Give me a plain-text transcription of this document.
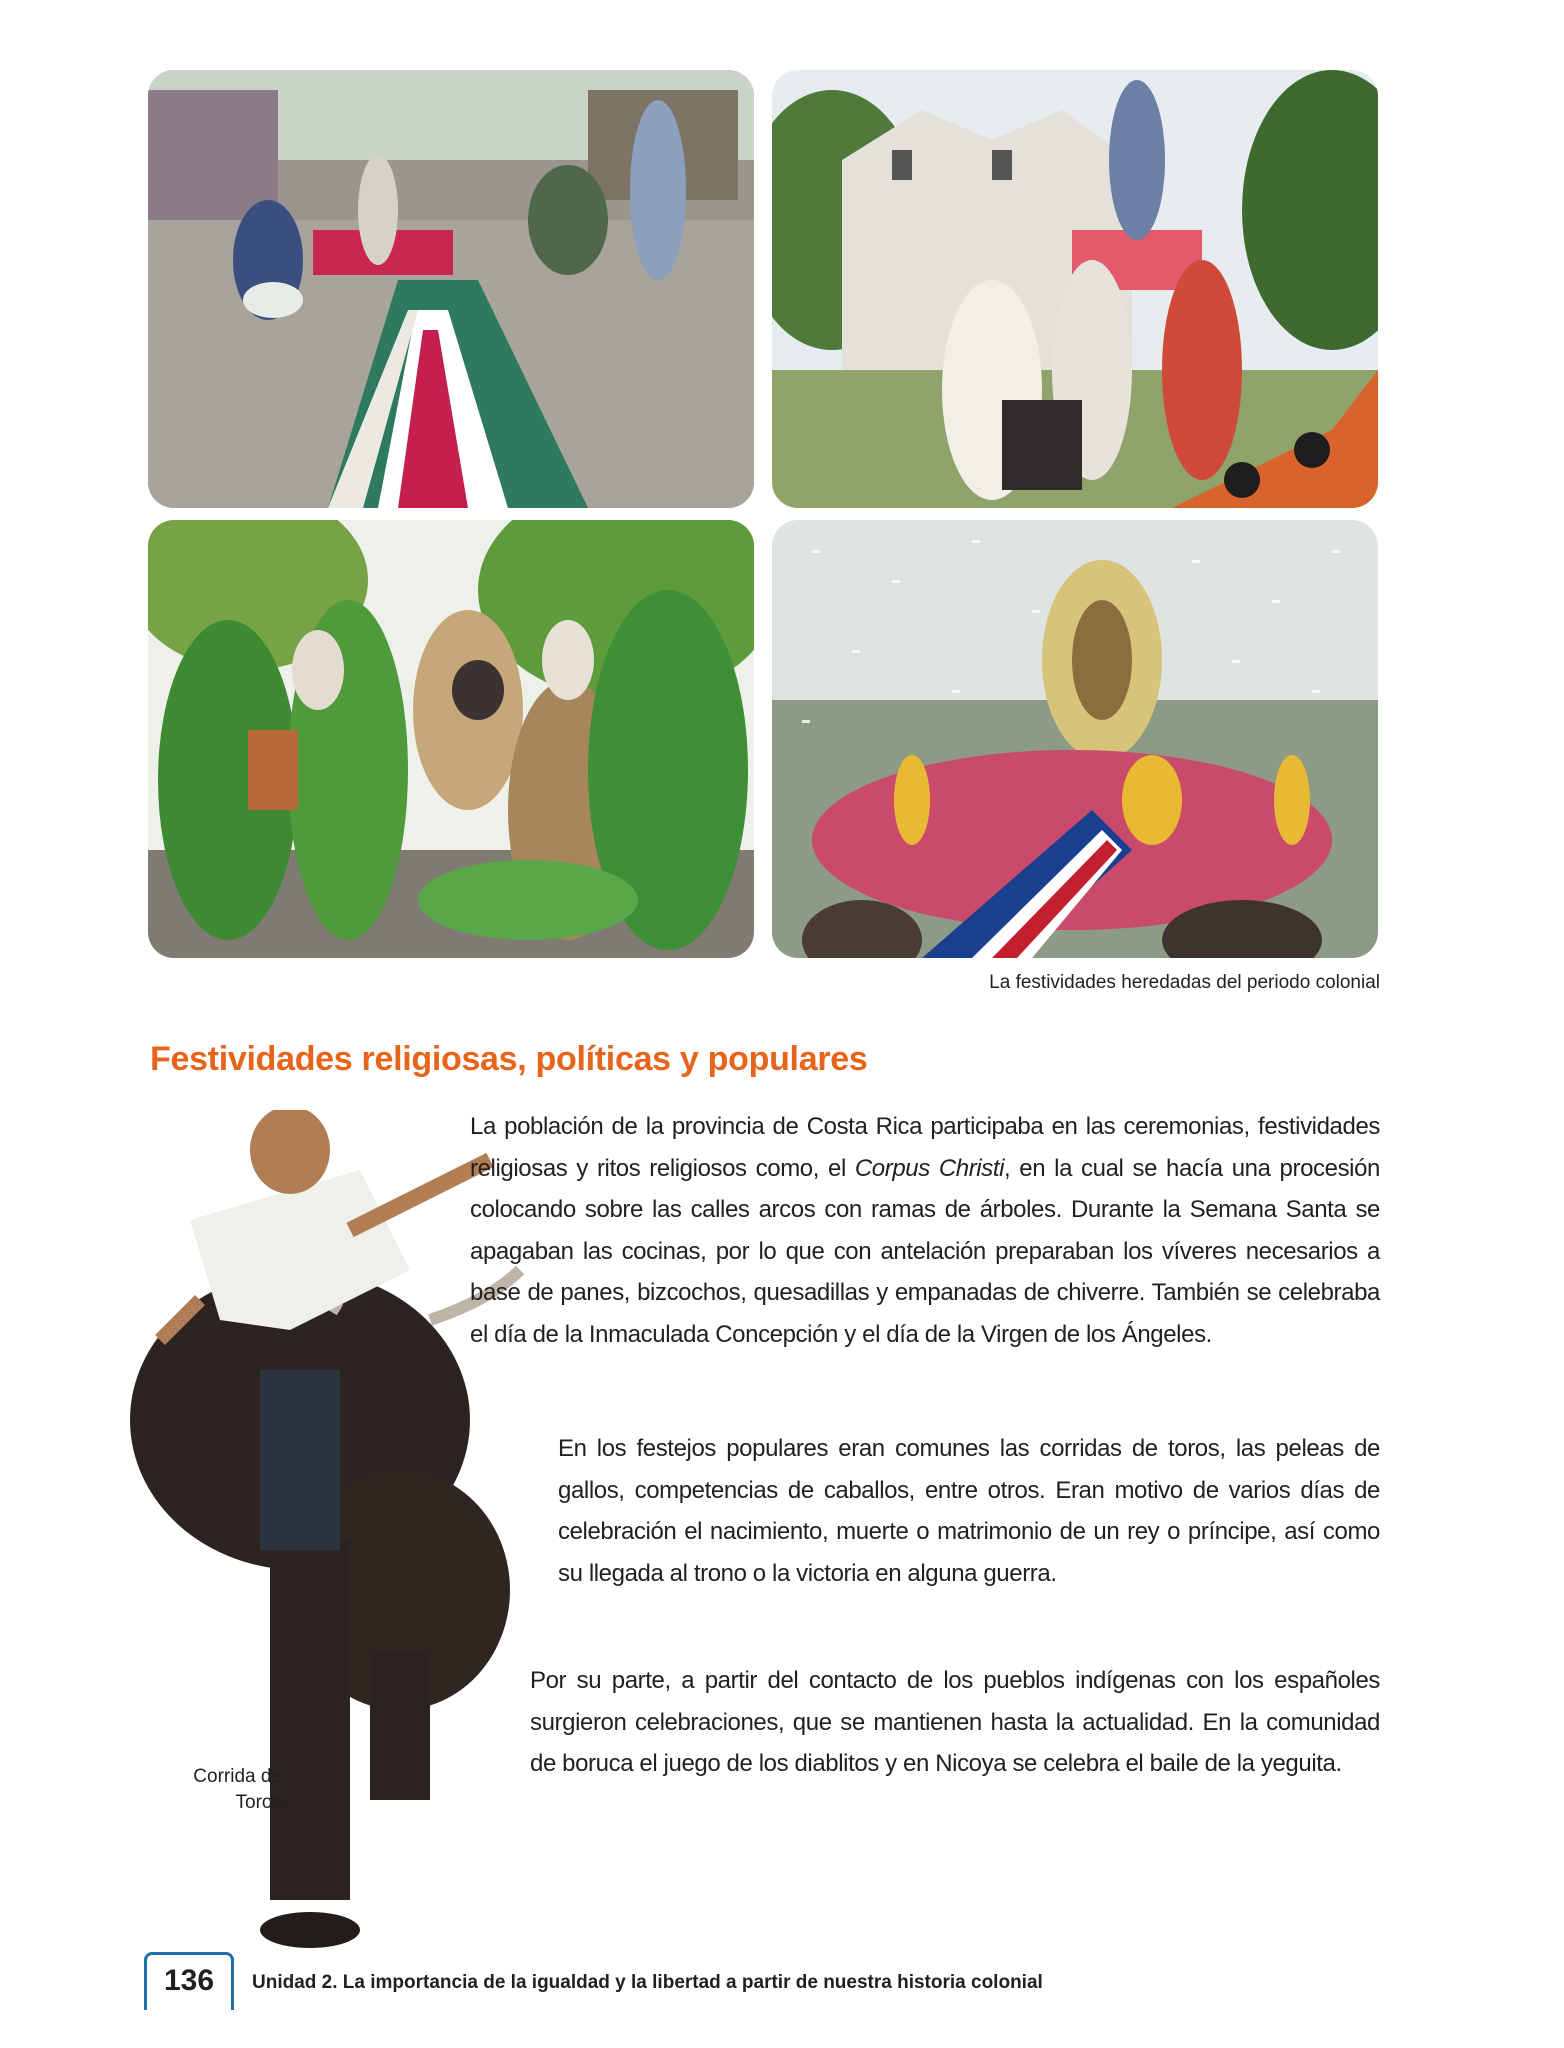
La festividades heredadas del periodo colonial
Festividades religiosas, políticas y populares
Corrida de
Toros

La población de la provincia de Costa Rica participaba en las ceremonias, festividades religiosas y ritos religiosos como, el Corpus Christi, en la cual se hacía una procesión colocando sobre las calles arcos con ramas de árboles. Durante la Semana Santa se apagaban las cocinas, por lo que con antelación preparaban los víveres necesarios a base de panes, bizcochos, quesadillas y empanadas de chiverre. También se celebraba el día de la Inmaculada Concepción y el día de la Virgen de los Ángeles.

En los festejos populares eran comunes las corridas de toros, las peleas de gallos, competencias de caballos, entre otros. Eran motivo de varios días de celebración el nacimiento, muerte o matrimonio de un rey o príncipe, así como su llegada al trono o la victoria en alguna guerra.

Por su parte, a partir del contacto de los pueblos indígenas con los españoles surgieron celebraciones, que se mantienen hasta la actualidad. En la comunidad de boruca el juego de los diablitos y en Nicoya se celebra el baile de la yeguita.

136	Unidad 2. La importancia de la igualdad y la libertad a partir de nuestra historia colonial
